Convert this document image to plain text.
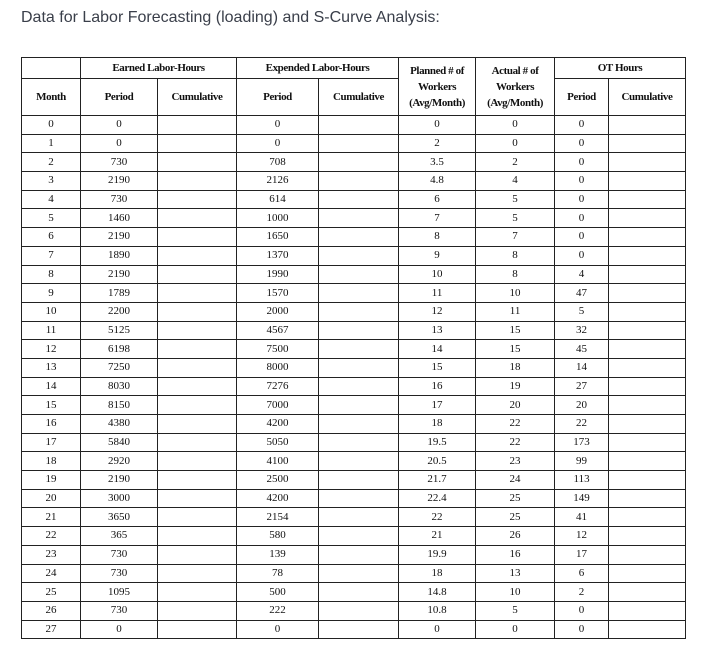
Data for Labor Forecasting (loading) and S-Curve Analysis:
	Earned Labor-Hours		Expended Labor-Hours		Planned # of Workers (Avg/Month)	Actual # of Workers (Avg/Month)	OT Hours	
Month	Period	Cumulative	Period	Cumulative			Period	Cumulative
0	0		0		0	0	0	
1	0		0		2	0	0	
2	730		708		3.5	2	0	
3	2190		2126		4.8	4	0	
4	730		614		6	5	0	
5	1460		1000		7	5	0	
6	2190		1650		8	7	0	
7	1890		1370		9	8	0	
8	2190		1990		10	8	4	
9	1789		1570		11	10	47	
10	2200		2000		12	11	5	
11	5125		4567		13	15	32	
12	6198		7500		14	15	45	
13	7250		8000		15	18	14	
14	8030		7276		16	19	27	
15	8150		7000		17	20	20	
16	4380		4200		18	22	22	
17	5840		5050		19.5	22	173	
18	2920		4100		20.5	23	99	
19	2190		2500		21.7	24	113	
20	3000		4200		22.4	25	149	
21	3650		2154		22	25	41	
22	365		580		21	26	12	
23	730		139		19.9	16	17	
24	730		78		18	13	6	
25	1095		500		14.8	10	2	
26	730		222		10.8	5	0	
27	0		0		0	0	0	
